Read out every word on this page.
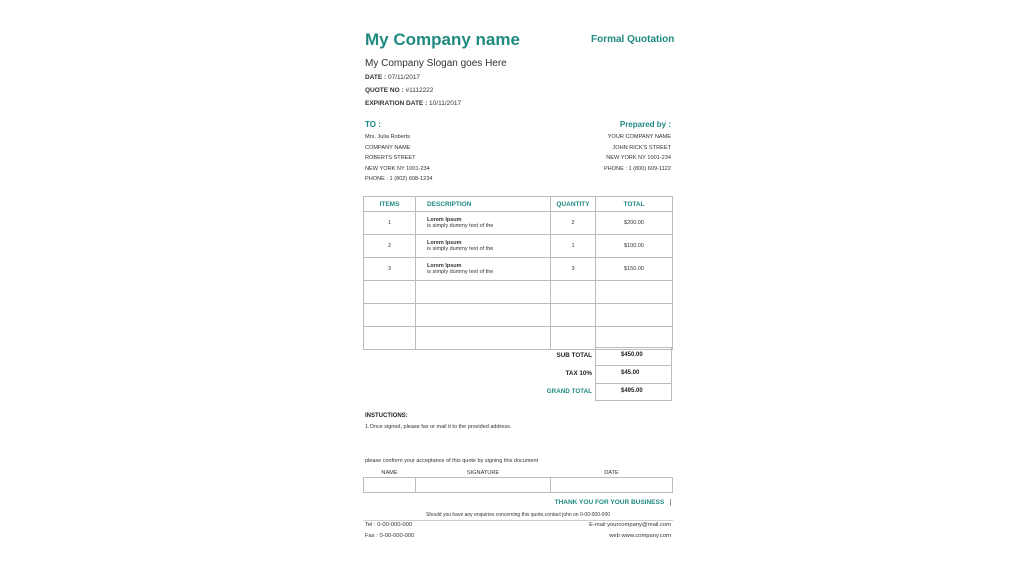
My Company name	Formal Quotation
My Company Slogan goes Here
DATE : 07/11/2017
QUOTE NO : #1112222
EXPIRATION DATE : 10/11/2017
TO :
Mrs. Julia Roberts
COMPANY NAME
ROBERTS STREET
NEW YORK NY 1001-234
PHONE : 1 (802) 608-1234
Prepared by :
YOUR COMPANY NAME
JOHN RICK'S STREET
NEW YORK NY 1001-234
PHONE : 1 (800) 609-1122
ITEMS	DESCRIPTION	QUANTITY	TOTAL
1	Lorem Ipsum
is simply dummy text of the	2	$200.00
2	Lorem Ipsum
is simply dummy text of the	1	$100.00
3	Lorem Ipsum
is simply dummy text of the	3	$150.00

SUB TOTAL	$450.00
TAX 10%	$45.00
GRAND TOTAL	$495.00
INSTUCTIONS:
1.Once signed, please fax or mail it to the provided address.
please conform your acceptance of this quote by signing this document
NAME	SIGNATURE	DATE

THANK YOU FOR YOUR BUSINESS
Should you have any enquiries concerning this quote,contact john on 0-00-000-000
Tel : 0-00-000-000
Fax : 0-00-000-000
E-mail yourcompany@mail.com
web www.company.com
